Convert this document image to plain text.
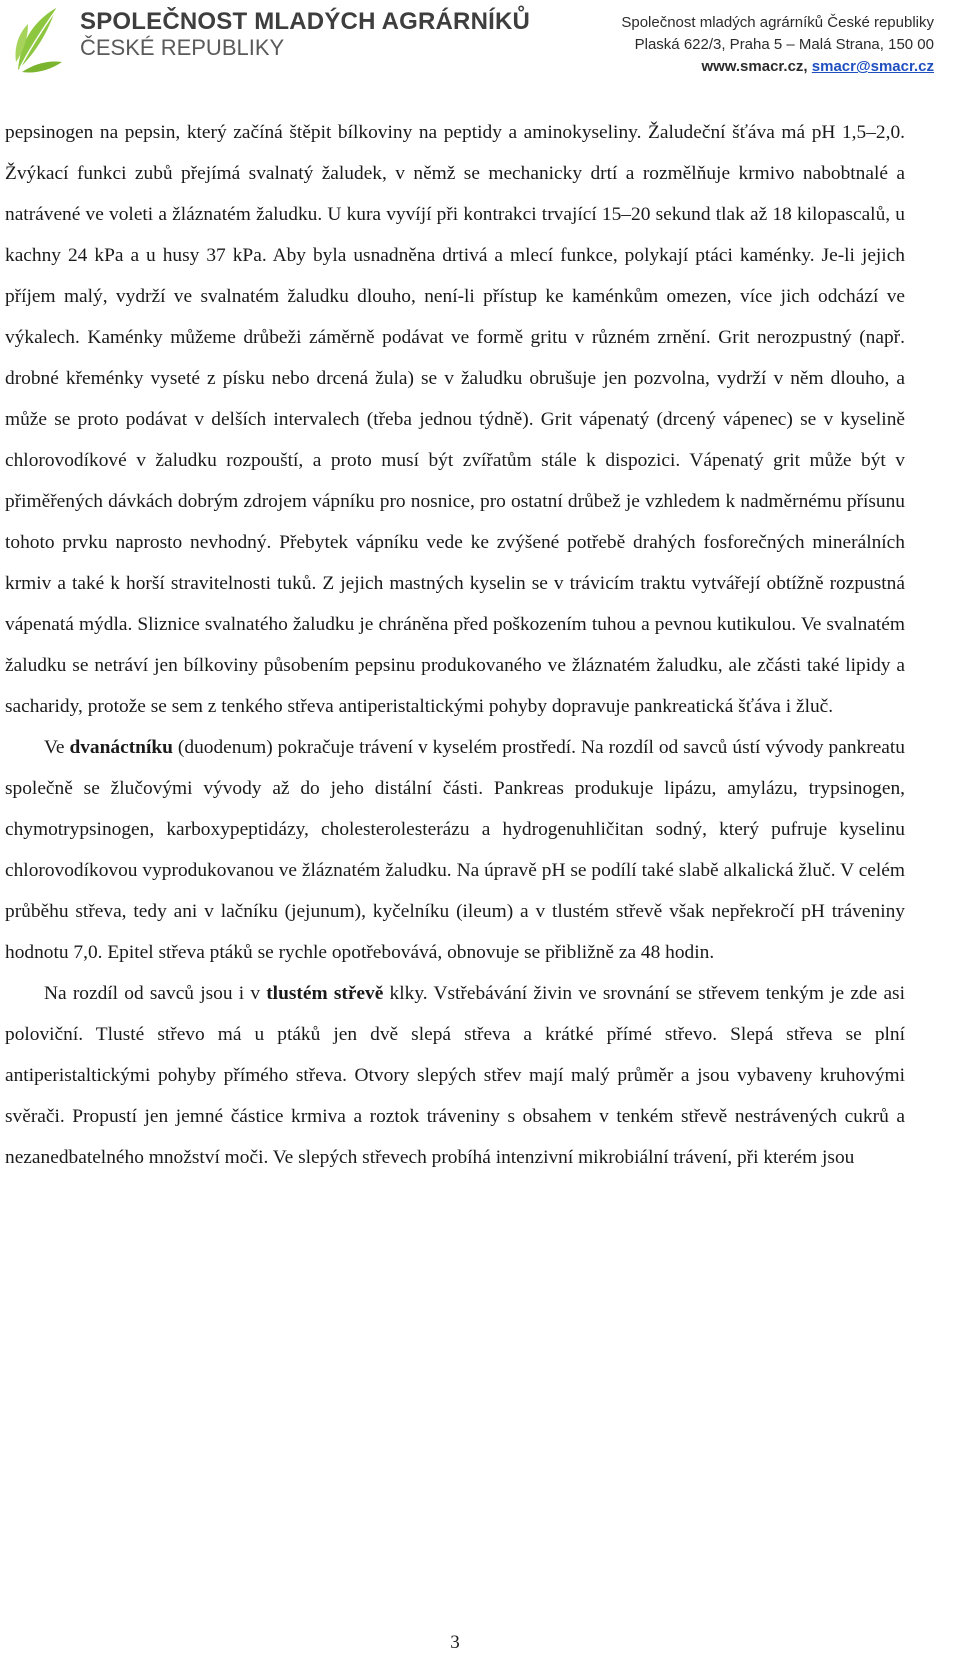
SPOLEČNOST MLADÝCH AGRÁRNÍKŮ
ČESKÉ REPUBLIKY
Společnost mladých agrárníků České republiky
Plaská 622/3, Praha 5 – Malá Strana, 150 00
www.smacr.cz, smacr@smacr.cz

pepsinogen na pepsin, který začíná štěpit bílkoviny na peptidy a aminokyseliny. Žaludeční šťáva má pH 1,5–2,0. Žvýkací funkci zubů přejímá svalnatý žaludek, v němž se mechanicky drtí a rozmělňuje krmivo nabobtnalé a natrávené ve voleti a žláznatém žaludku. U kura vyvíjí při kontrakci trvající 15–20 sekund tlak až 18 kilopascalů, u kachny 24 kPa a u husy 37 kPa. Aby byla usnadněna drtivá a mlecí funkce, polykají ptáci kaménky. Je-li jejich příjem malý, vydrží ve svalnatém žaludku dlouho, není-li přístup ke kaménkům omezen, více jich odchází ve výkalech. Kaménky můžeme drůbeži záměrně podávat ve formě gritu v různém zrnění. Grit nerozpustný (např. drobné křeménky vyseté z písku nebo drcená žula) se v žaludku obrušuje jen pozvolna, vydrží v něm dlouho, a může se proto podávat v delších intervalech (třeba jednou týdně). Grit vápenatý (drcený vápenec) se v kyselině chlorovodíkové v žaludku rozpouští, a proto musí být zvířatům stále k dispozici. Vápenatý grit může být v přiměřených dávkách dobrým zdrojem vápníku pro nosnice, pro ostatní drůbež je vzhledem k nadměrnému přísunu tohoto prvku naprosto nevhodný. Přebytek vápníku vede ke zvýšené potřebě drahých fosforečných minerálních krmiv a také k horší stravitelnosti tuků. Z jejich mastných kyselin se v trávicím traktu vytvářejí obtížně rozpustná vápenatá mýdla. Sliznice svalnatého žaludku je chráněna před poškozením tuhou a pevnou kutikulou. Ve svalnatém žaludku se netráví jen bílkoviny působením pepsinu produkovaného ve žláznatém žaludku, ale zčásti také lipidy a sacharidy, protože se sem z tenkého střeva antiperistaltickými pohyby dopravuje pankreatická šťáva i žluč.

Ve dvanáctníku (duodenum) pokračuje trávení v kyselém prostředí. Na rozdíl od savců ústí vývody pankreatu společně se žlučovými vývody až do jeho distální části. Pankreas produkuje lipázu, amylázu, trypsinogen, chymotrypsinogen, karboxypeptidázy, cholesterolesterázu a hydrogenuhličitan sodný, který pufruje kyselinu chlorovodíkovou vyprodukovanou ve žláznatém žaludku. Na úpravě pH se podílí také slabě alkalická žluč. V celém průběhu střeva, tedy ani v lačníku (jejunum), kyčelníku (ileum) a v tlustém střevě však nepřekročí pH tráveniny hodnotu 7,0. Epitel střeva ptáků se rychle opotřebovává, obnovuje se přibližně za 48 hodin.

Na rozdíl od savců jsou i v tlustém střevě klky. Vstřebávání živin ve srovnání se střevem tenkým je zde asi poloviční. Tlusté střevo má u ptáků jen dvě slepá střeva a krátké přímé střevo. Slepá střeva se plní antiperistaltickými pohyby přímého střeva. Otvory slepých střev mají malý průměr a jsou vybaveny kruhovými svěrači. Propustí jen jemné částice krmiva a roztok tráveniny s obsahem v tenkém střevě nestrávených cukrů a nezanedbatelného množství moči. Ve slepých střevech probíhá intenzivní mikrobiální trávení, při kterém jsou

3
